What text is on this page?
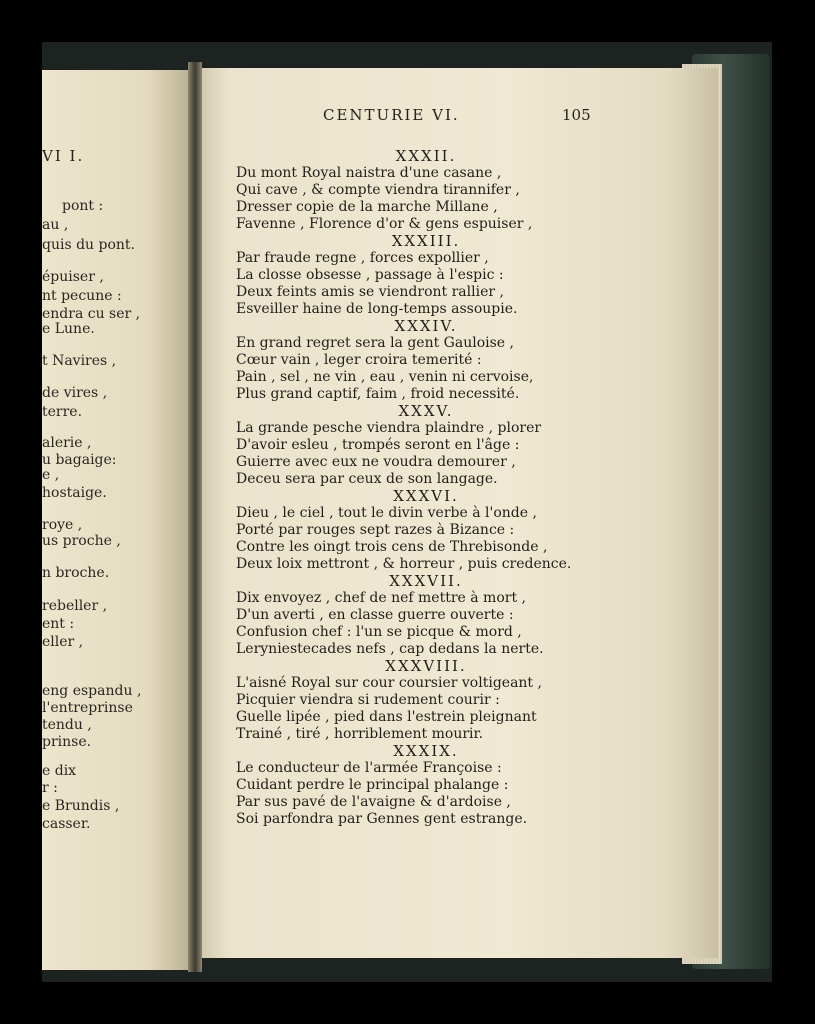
VI I.
CENTURIE VI.	105
pont :
au ,
quis du pont.
épuiser ,
nt pecune :
endra cu ser ,
e Lune.
t Navires ,
de vires ,
terre.
alerie ,
u bagaige:
e ,
hostaige.
roye ,
us proche ,
n broche.
rebeller ,
ent :
eller ,
eng espandu ,
l'entreprinse
tendu ,
prinse.
e dix
r :
e Brundis ,
casser.
XXXII.
Du mont Royal naistra d'une casane ,
Qui cave , & compte viendra tirannifer ,
Dresser copie de la marche Millane ,
Favenne , Florence d'or & gens espuiser ,
XXXIII.
Par fraude regne , forces expollier ,
La closse obsesse , passage à l'espic :
Deux feints amis se viendront rallier ,
Esveiller haine de long-temps assoupie.
XXXIV.
En grand regret sera la gent Gauloise ,
Cœur vain , leger croira temerité :
Pain , sel , ne vin , eau , venin ni cervoise,
Plus grand captif, faim , froid necessité.
XXXV.
La grande pesche viendra plaindre , plorer
D'avoir esleu , trompés seront en l'âge :
Guierre avec eux ne voudra demourer ,
Deceu sera par ceux de son langage.
XXXVI.
Dieu , le ciel , tout le divin verbe à l'onde ,
Porté par rouges sept razes à Bizance :
Contre les oingt trois cens de Threbisonde ,
Deux loix mettront , & horreur , puis credence.
XXXVII.
Dix envoyez , chef de nef mettre à mort ,
D'un averti , en classe guerre ouverte :
Confusion chef : l'un se picque & mord ,
Leryniestecades nefs , cap dedans la nerte.
XXXVIII.
L'aisné Royal sur cour coursier voltigeant ,
Picquier viendra si rudement courir :
Guelle lipée , pied dans l'estrein pleignant
Trainé , tiré , horriblement mourir.
XXXIX.
Le conducteur de l'armée Françoise :
Cuidant perdre le principal phalange :
Par sus pavé de l'avaigne & d'ardoise ,
Soi parfondra par Gennes gent estrange.
